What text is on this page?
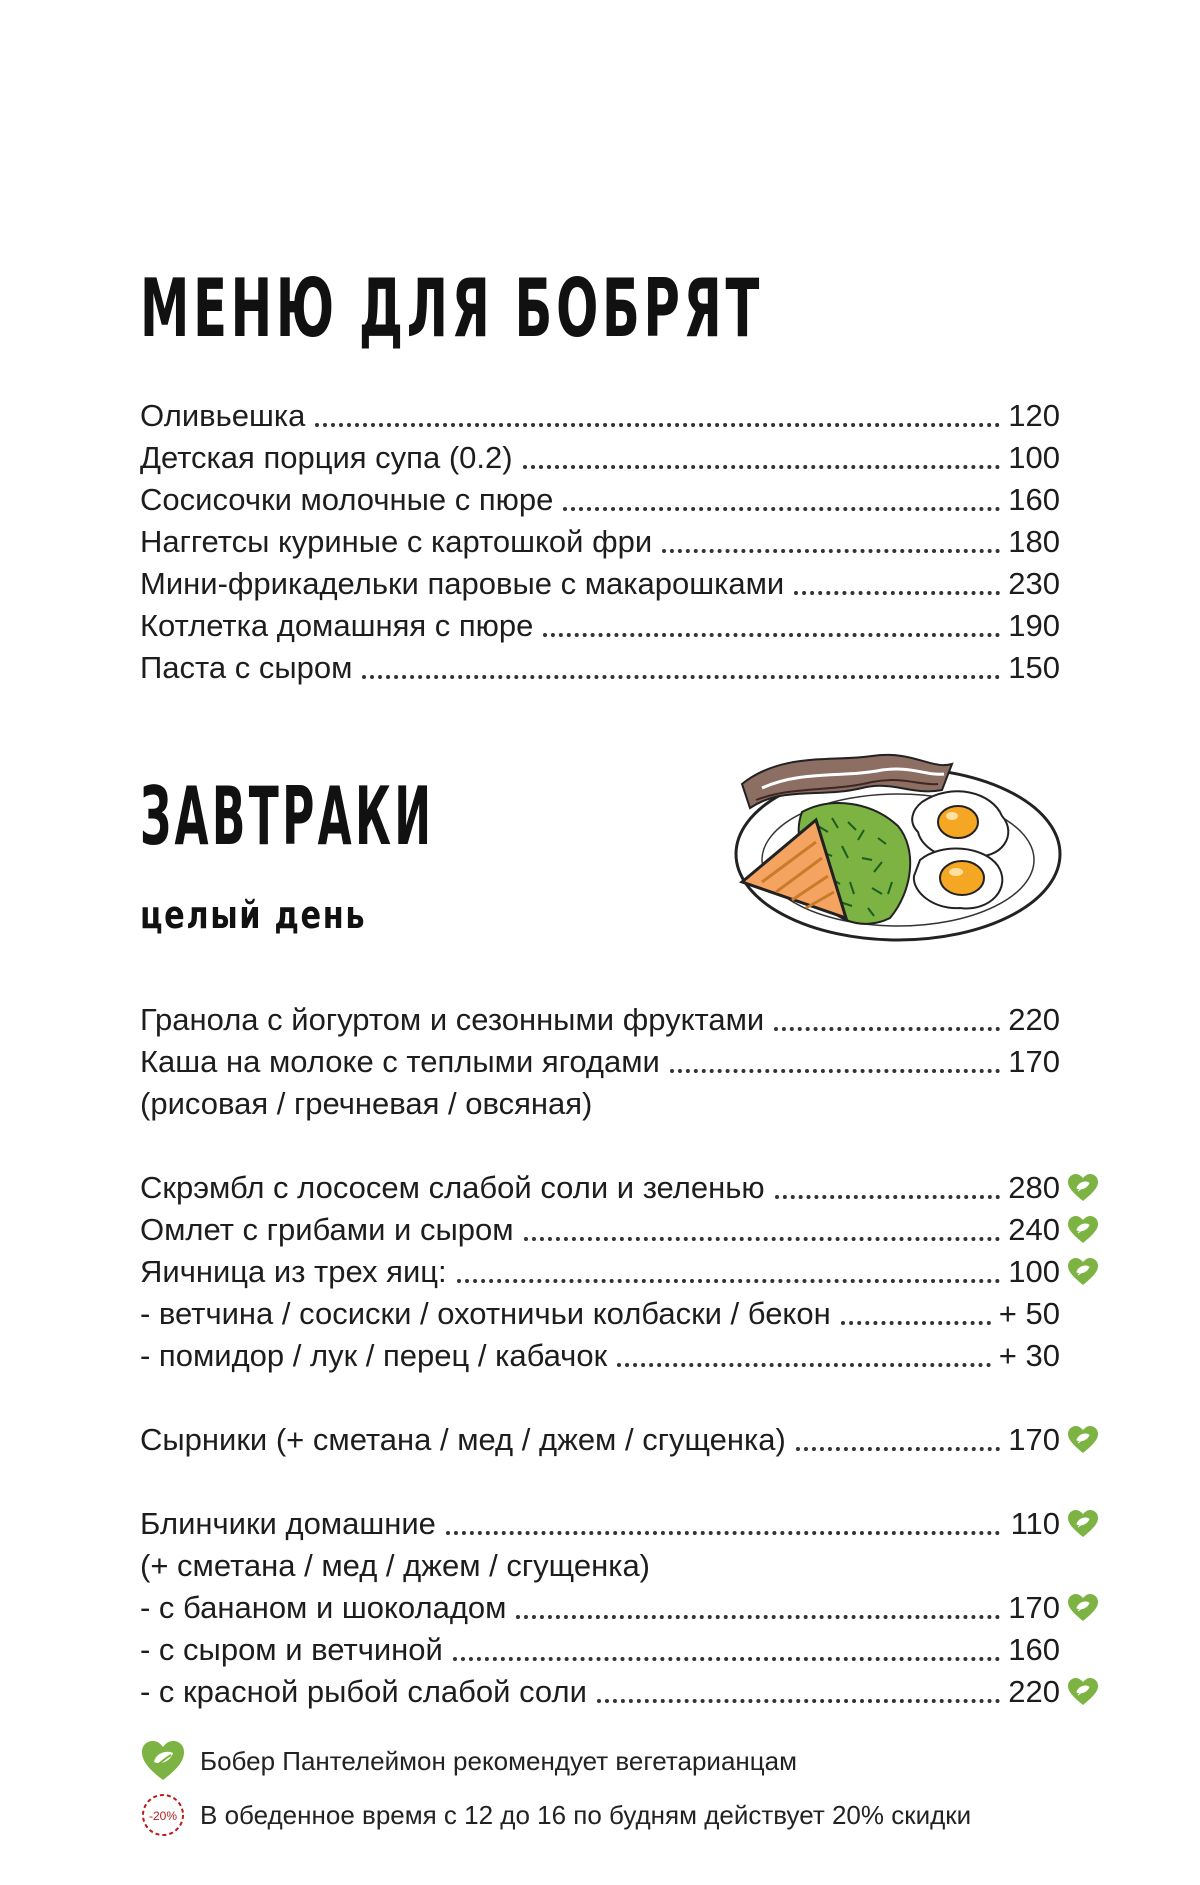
МЕНЮ ДЛЯ БОБРЯТ
Оливьешка	120
Детская порция супа (0.2)	100
Сосисочки молочные с пюре	160
Наггетсы куриные с картошкой фри	180
Мини-фрикадельки паровые с макарошками	230
Котлетка домашняя с пюре	190
Паста с сыром	150
ЗАВТРАКИ
целый день
Гранола с йогуртом и сезонными фруктами	220
Каша на молоке с теплыми ягодами	170
(рисовая / гречневая / овсяная)
Скрэмбл с лососем слабой соли и зеленью	280
Омлет с грибами и сыром	240
Яичница из трех яиц:	100
- ветчина / сосиски / охотничьи колбаски / бекон	+ 50
- помидор / лук / перец / кабачок	+ 30
Сырники (+ сметана / мед / джем / сгущенка)	170
Блинчики домашние	110
(+ сметана / мед / джем / сгущенка)
- с бананом и шоколадом	170
- с сыром и ветчиной	160
- с красной рыбой слабой соли	220
Бобер Пантелеймон рекомендует вегетарианцам
-20% В обеденное время с 12 до 16 по будням действует 20% скидки
